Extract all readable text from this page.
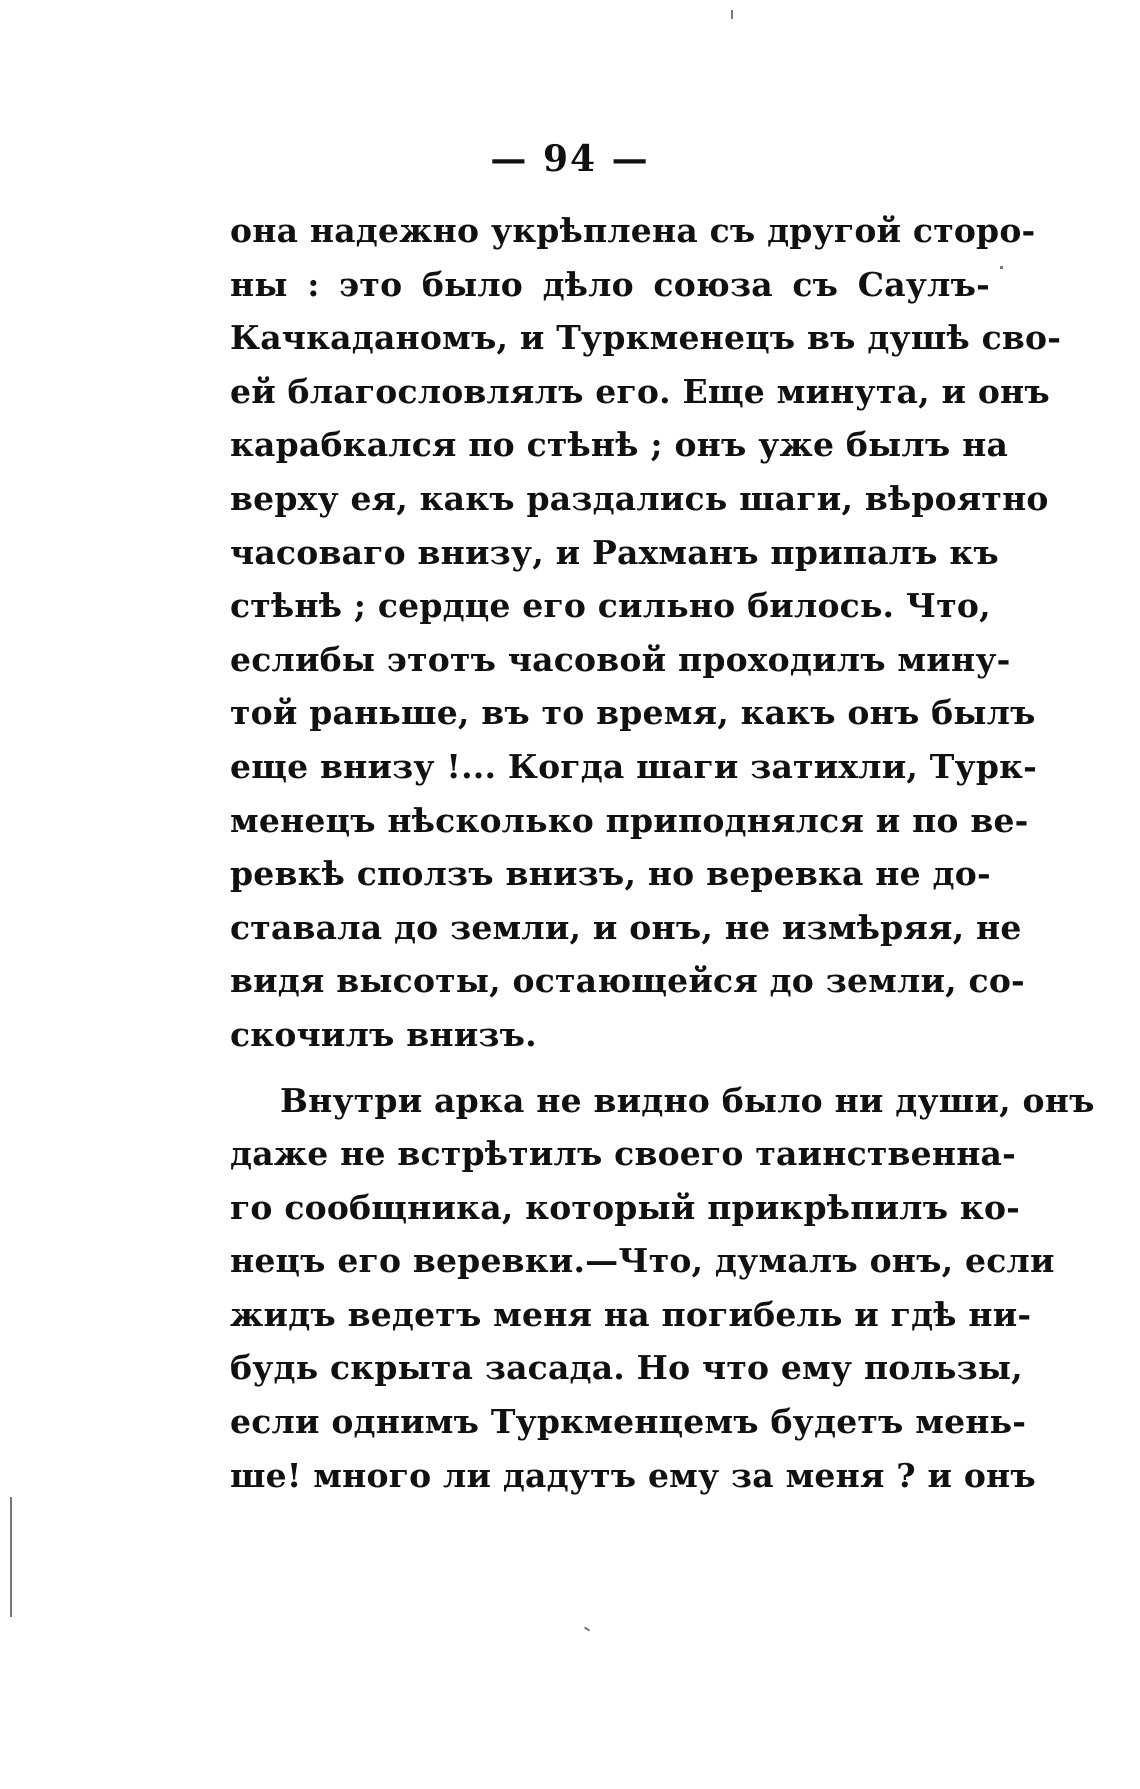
— 94 —
она надежно укрѣплена съ другой сторо-
ны : это было дѣло союза съ Саулъ-
Качкаданомъ, и Туркменецъ въ душѣ сво-
ей благословлялъ его. Еще минута, и онъ
карабкался по стѣнѣ ; онъ уже былъ на
верху ея, какъ раздались шаги, вѣроятно
часоваго внизу, и Рахманъ припалъ къ
стѣнѣ ; сердце его сильно билось. Что,
еслибы этотъ часовой проходилъ мину-
той раньше, въ то время, какъ онъ былъ
еще внизу !... Когда шаги затихли, Турк-
менецъ нѣсколько приподнялся и по ве-
ревкѣ сползъ внизъ, но веревка не до-
ставала до земли, и онъ, не измѣряя, не
видя высоты, остающейся до земли, со-
скочилъ внизъ.
Внутри арка не видно было ни души, онъ
даже не встрѣтилъ своего таинственна-
го сообщника, который прикрѣпилъ ко-
нецъ его веревки.—Что, думалъ онъ, если
жидъ ведетъ меня на погибель и гдѣ ни-
будь скрыта засада. Но что ему пользы,
если однимъ Туркменцемъ будетъ мень-
ше! много ли дадутъ ему за меня ? и онъ
